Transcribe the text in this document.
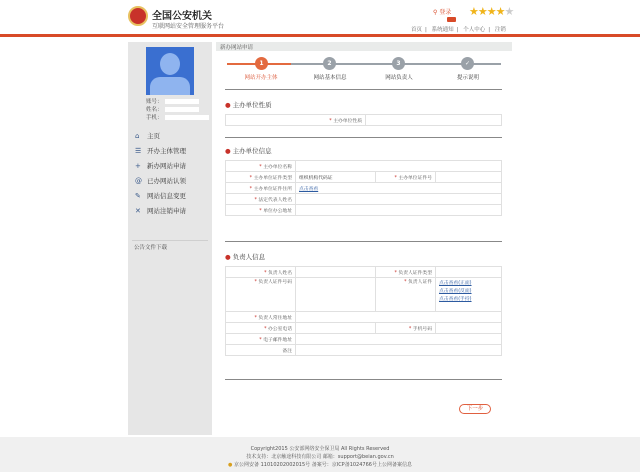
全国公安机关
互联网站安全管理服务平台
⚲ 登录 ★★★★★
首页 | 系统通知 | 个人中心 | 注销
账号：
姓名：
手机：
⌂	主页
☰ 开办主体管理
+ 新办网站申请
@ 已办网站认领
✎ 网站信息变更
✕ 网站注销申请
公告文件下载
新办网站申请
1	2	3	✓
网站开办主体	网站基本信息	网站负责人	提示说明
● 主办单位性质
* 主办单位性质	
● 主办单位信息
* 主办单位名称			
* 主办单位证件类型	组织机构代码证	* 主办单位证件号	
* 主办单位证件住所	点击查看		
* 法定代表人姓名			
* 单位办公地址			
● 负责人信息
* 负责人姓名		* 负责人证件类型	
* 负责人证件号码		* 负责人证件	点击查看(正面)
点击查看(反面)
点击查看(手持)

* 负责人常住地址			
* 办公室电话		* 手机号码	
* 电子邮件地址			
备注			
下一步
Copyright2015 公安部网络安全保卫局 All Rights Reserved
技术支持：北京触途科技有限公司 邮箱：support@beian.gov.cn
● 京公网安备 11010202002015号 备案号：京ICP备1024766号上公网备案信息
